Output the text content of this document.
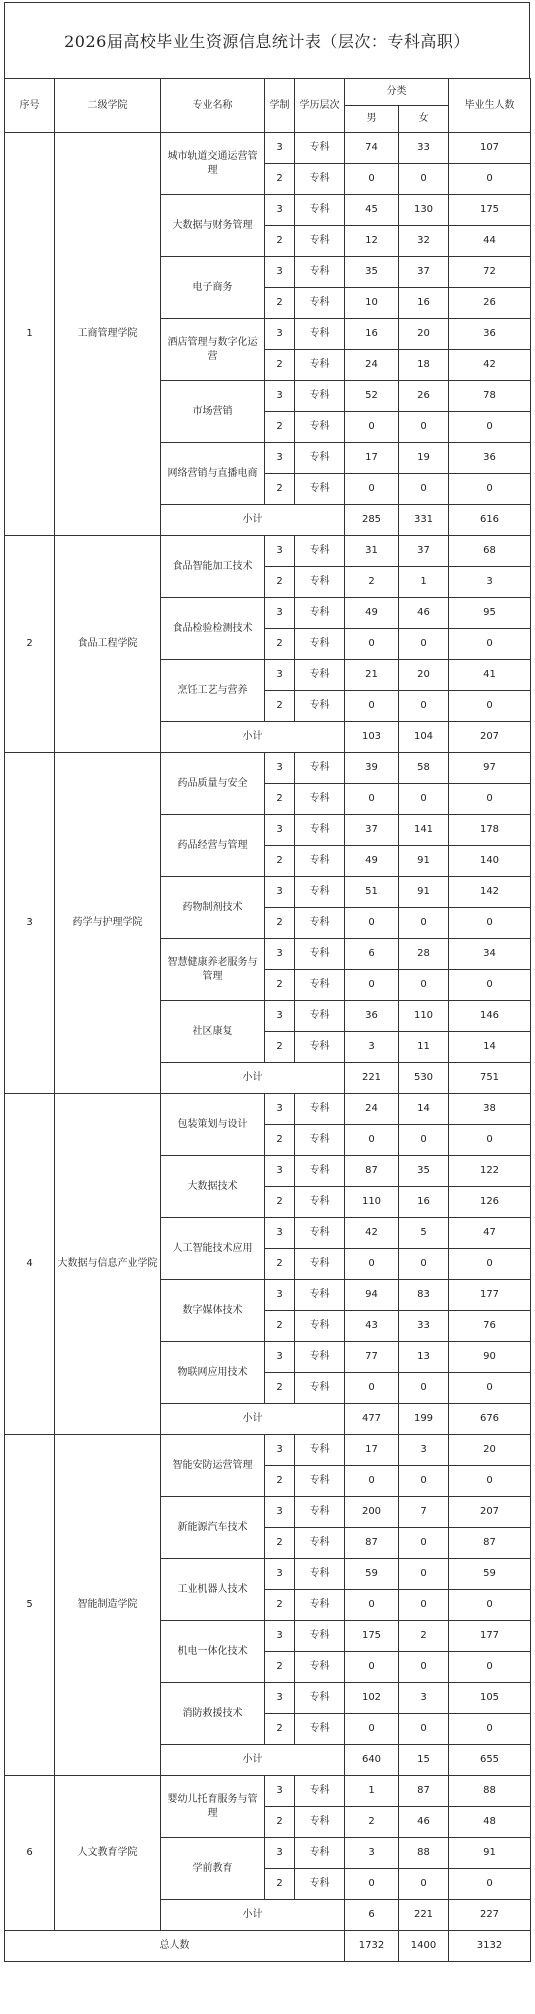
2026届高校毕业生资源信息统计表（层次：专科高职）
序号	二级学院	专业名称	学制	学历层次	分类		毕业生人数
					男	女	
1	工商管理学院	城市轨道交通运营管理	3	专科	74	33	107
			2	专科	0	0	0
		大数据与财务管理	3	专科	45	130	175
			2	专科	12	32	44
		电子商务	3	专科	35	37	72
			2	专科	10	16	26
		酒店管理与数字化运营	3	专科	16	20	36
			2	专科	24	18	42
		市场营销	3	专科	52	26	78
			2	专科	0	0	0
		网络营销与直播电商	3	专科	17	19	36
			2	专科	0	0	0
		小计			285	331	616
2	食品工程学院	食品智能加工技术	3	专科	31	37	68
			2	专科	2	1	3
		食品检验检测技术	3	专科	49	46	95
			2	专科	0	0	0
		烹饪工艺与营养	3	专科	21	20	41
			2	专科	0	0	0
		小计			103	104	207
3	药学与护理学院	药品质量与安全	3	专科	39	58	97
			2	专科	0	0	0
		药品经营与管理	3	专科	37	141	178
			2	专科	49	91	140
		药物制剂技术	3	专科	51	91	142
			2	专科	0	0	0
		智慧健康养老服务与管理	3	专科	6	28	34
			2	专科	0	0	0
		社区康复	3	专科	36	110	146
			2	专科	3	11	14
		小计			221	530	751
4	大数据与信息产业学院	包装策划与设计	3	专科	24	14	38
			2	专科	0	0	0
		大数据技术	3	专科	87	35	122
			2	专科	110	16	126
		人工智能技术应用	3	专科	42	5	47
			2	专科	0	0	0
		数字媒体技术	3	专科	94	83	177
			2	专科	43	33	76
		物联网应用技术	3	专科	77	13	90
			2	专科	0	0	0
		小计			477	199	676
5	智能制造学院	智能安防运营管理	3	专科	17	3	20
			2	专科	0	0	0
		新能源汽车技术	3	专科	200	7	207
			2	专科	87	0	87
		工业机器人技术	3	专科	59	0	59
			2	专科	0	0	0
		机电一体化技术	3	专科	175	2	177
			2	专科	0	0	0
		消防救援技术	3	专科	102	3	105
			2	专科	0	0	0
		小计			640	15	655
6	人文教育学院	婴幼儿托育服务与管理	3	专科	1	87	88
			2	专科	2	46	48
		学前教育	3	专科	3	88	91
			2	专科	0	0	0
		小计			6	221	227
总人数					1732	1400	3132
